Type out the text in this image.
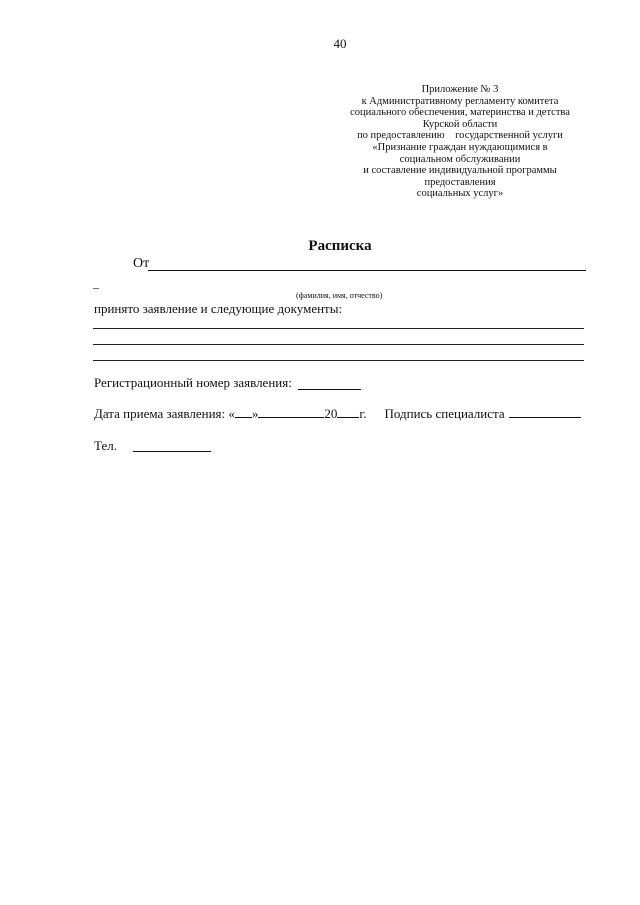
40
Приложение № 3
к Административному регламенту комитета
социального обеспечения, материнства и детства
Курской области
по предоставлению    государственной услуги
«Признание граждан нуждающимися в
социальном обслуживании
и составление индивидуальной программы
предоставления
социальных услуг»
Расписка
От
–
(фамилия, имя, отчество)
принято заявление и следующие документы:
Регистрационный номер заявления:
Дата приема заявления: « »	20 г. Подпись специалиста
Тел.
